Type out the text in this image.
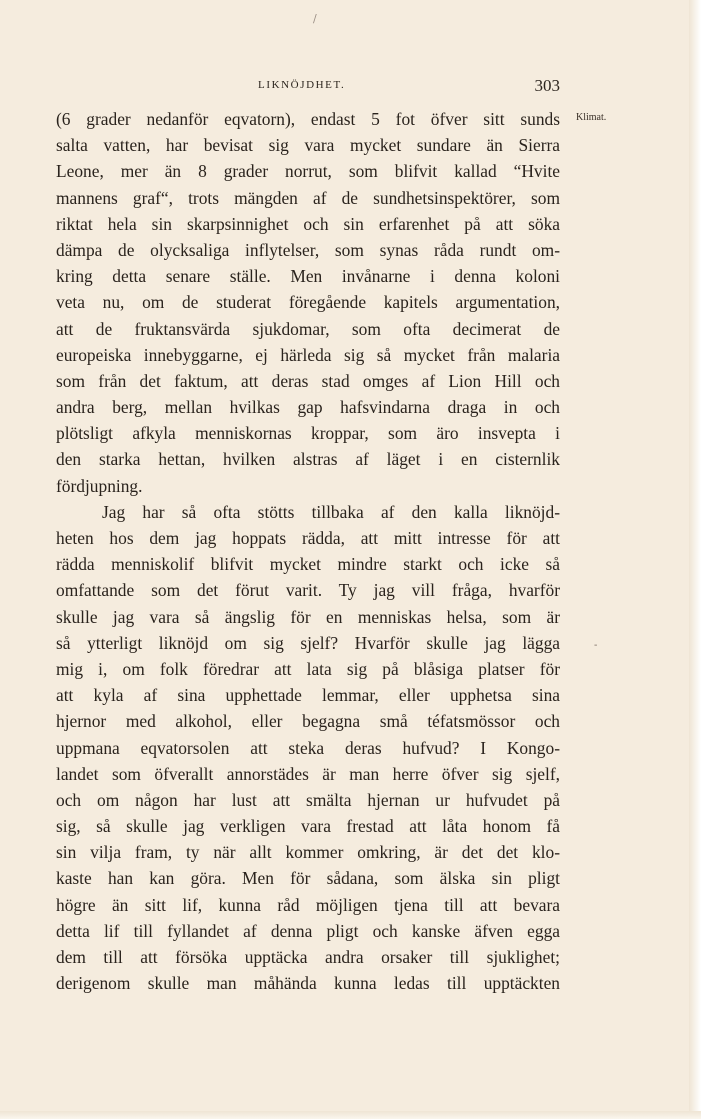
/
LIKNÖJDHET.	303
Klimat.
-
(6 grader nedanför eqvatorn), endast 5 fot öfver sitt sunds
salta vatten, har bevisat sig vara mycket sundare än Sierra
Leone, mer än 8 grader norrut, som blifvit kallad “Hvite
mannens graf“, trots mängden af de sundhetsinspektörer, som
riktat hela sin skarpsinnighet och sin erfarenhet på att söka
dämpa de olycksaliga inflytelser, som synas råda rundt om-
kring detta senare ställe. Men invånarne i denna koloni
veta nu, om de studerat föregående kapitels argumentation,
att de fruktansvärda sjukdomar, som ofta decimerat de
europeiska innebyggarne, ej härleda sig så mycket från malaria
som från det faktum, att deras stad omges af Lion Hill och
andra berg, mellan hvilkas gap hafsvindarna draga in och
plötsligt afkyla menniskornas kroppar, som äro insvepta i
den starka hettan, hvilken alstras af läget i en cisternlik
fördjupning.
Jag har så ofta stötts tillbaka af den kalla liknöjd-
heten hos dem jag hoppats rädda, att mitt intresse för att
rädda menniskolif blifvit mycket mindre starkt och icke så
omfattande som det förut varit. Ty jag vill fråga, hvarför
skulle jag vara så ängslig för en menniskas helsa, som är
så ytterligt liknöjd om sig sjelf? Hvarför skulle jag lägga
mig i, om folk föredrar att lata sig på blåsiga platser för
att kyla af sina upphettade lemmar, eller upphetsa sina
hjernor med alkohol, eller begagna små téfatsmössor och
uppmana eqvatorsolen att steka deras hufvud? I Kongo-
landet som öfverallt annorstädes är man herre öfver sig sjelf,
och om någon har lust att smälta hjernan ur hufvudet på
sig, så skulle jag verkligen vara frestad att låta honom få
sin vilja fram, ty när allt kommer omkring, är det det klo-
kaste han kan göra. Men för sådana, som älska sin pligt
högre än sitt lif, kunna råd möjligen tjena till att bevara
detta lif till fyllandet af denna pligt och kanske äfven egga
dem till att försöka upptäcka andra orsaker till sjuklighet;
derigenom skulle man måhända kunna ledas till upptäckten
